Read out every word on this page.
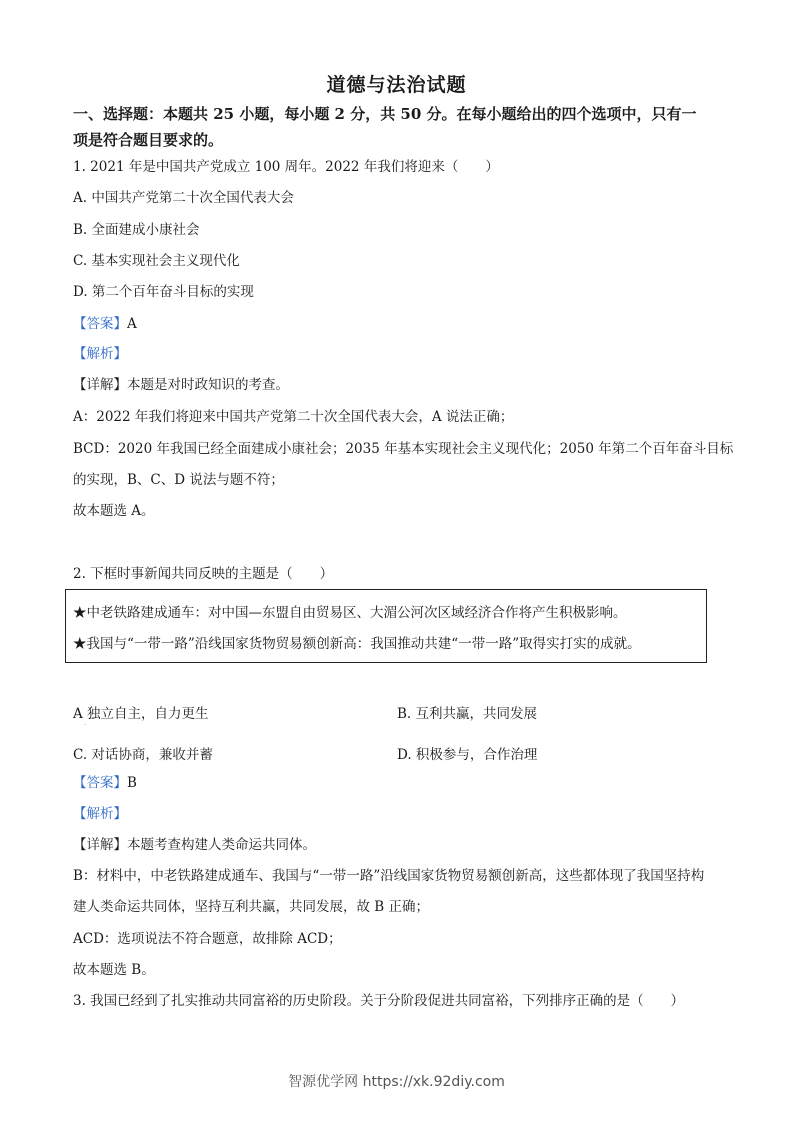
道德与法治试题
一、选择题：本题共 25 小题，每小题 2 分，共 50 分。在每小题给出的四个选项中，只有一
项是符合题目要求的。
1. 2021 年是中国共产党成立 100 周年。2022 年我们将迎来（　　）
A. 中国共产党第二十次全国代表大会
B. 全面建成小康社会
C. 基本实现社会主义现代化
D. 第二个百年奋斗目标的实现
【答案】A
【解析】
【详解】本题是对时政知识的考查。
A：2022 年我们将迎来中国共产党第二十次全国代表大会，A 说法正确；
BCD：2020 年我国已经全面建成小康社会；2035 年基本实现社会主义现代化；2050 年第二个百年奋斗目标
的实现，B、C、D 说法与题不符；
故本题选 A。
2. 下框时事新闻共同反映的主题是（　　）
★中老铁路建成通车：对中国—东盟自由贸易区、大湄公河次区域经济合作将产生积极影响。
★我国与“一带一路”沿线国家货物贸易额创新高：我国推动共建“一带一路”取得实打实的成就。
A 独立自主，自力更生
·
B. 互利共赢，共同发展
C. 对话协商，兼收并蓄	D. 积极参与，合作治理
【答案】B
【解析】
【详解】本题考查构建人类命运共同体。
B：材料中，中老铁路建成通车、我国与“一带一路”沿线国家货物贸易额创新高，这些都体现了我国坚持构
建人类命运共同体，坚持互利共赢，共同发展，故 B 正确；
ACD：选项说法不符合题意，故排除 ACD；
故本题选 B。
3. 我国已经到了扎实推动共同富裕的历史阶段。关于分阶段促进共同富裕，下列排序正确的是（　　）
智源优学网 https://xk.92diy.com
